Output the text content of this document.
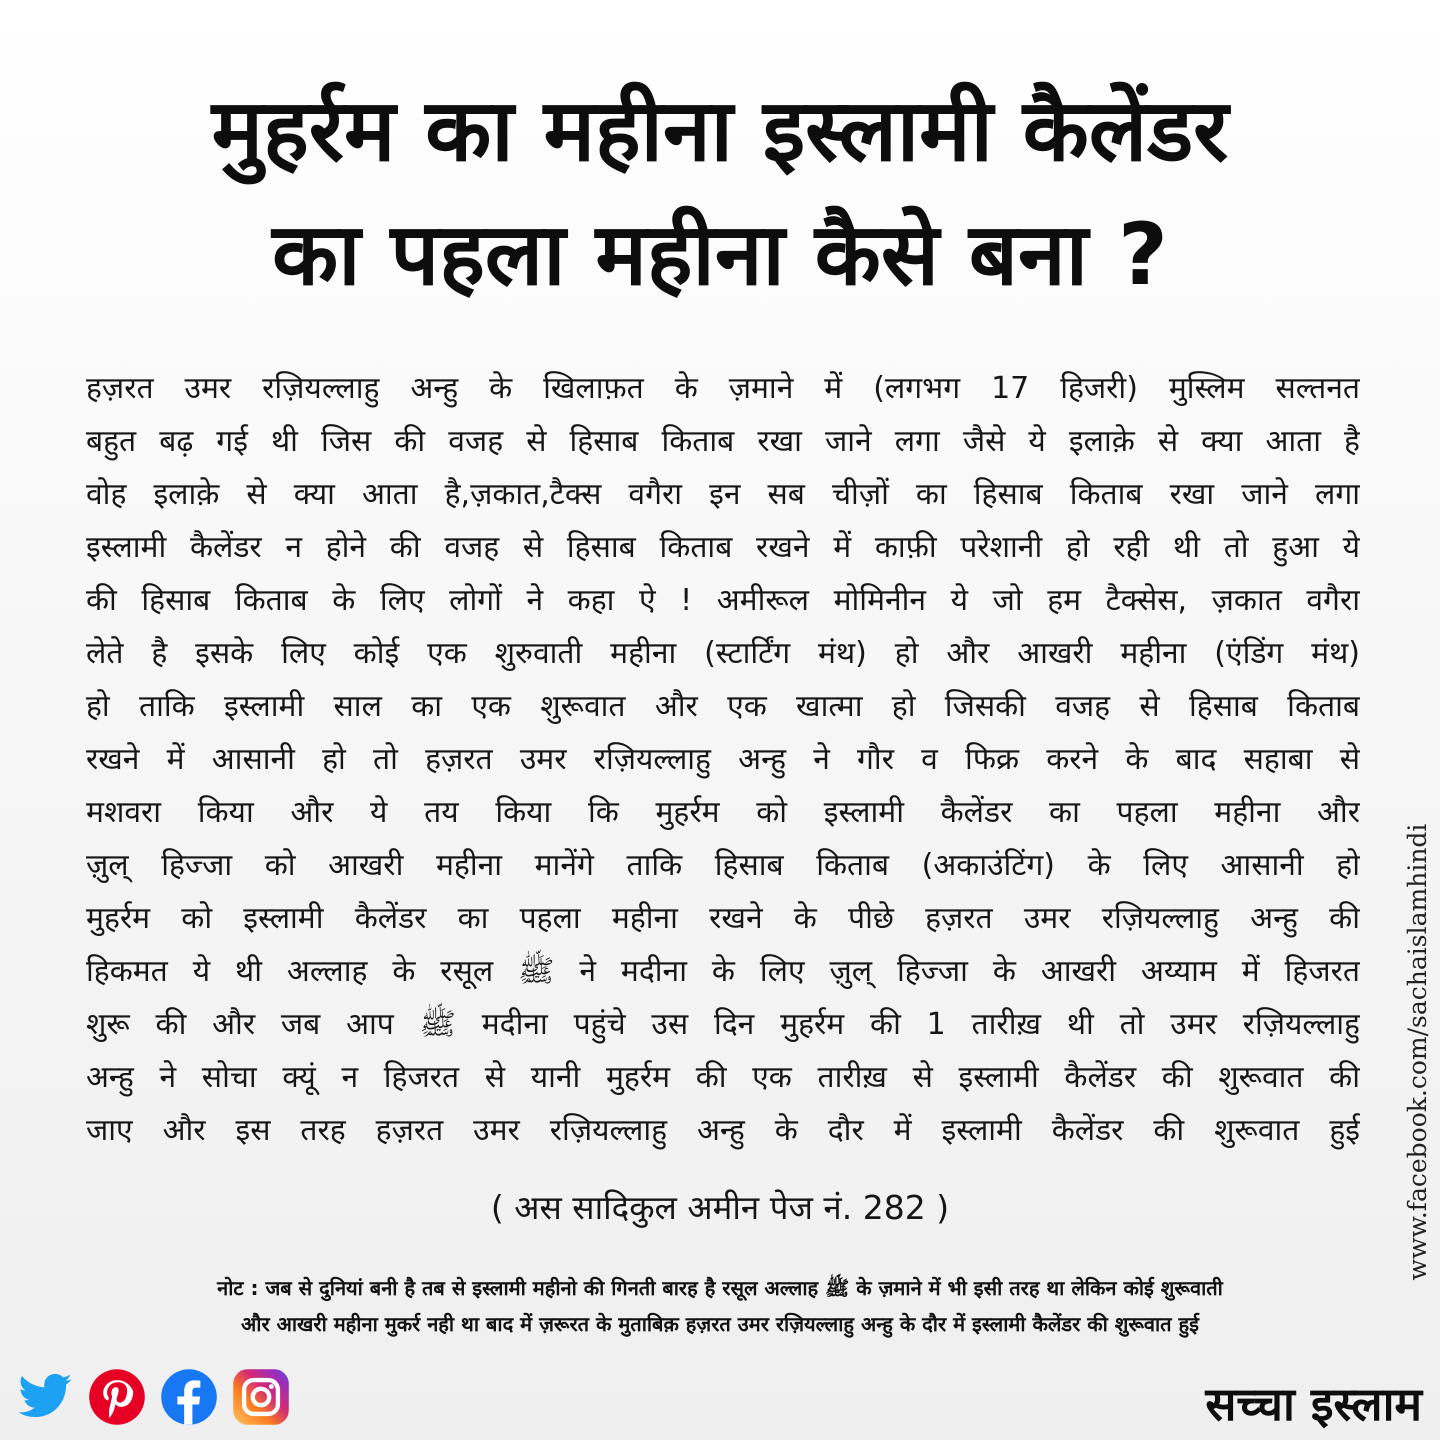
मुहर्रम का महीना इस्लामी कैलेंडर
का पहला महीना कैसे बना ?
हज़रत उमर रज़ियल्लाहु अन्हु के खिलाफ़त के ज़माने में (लगभग 17 हिजरी) मुस्लिम सल्तनत
बहुत बढ़ गई थी जिस की वजह से हिसाब किताब रखा जाने लगा जैसे ये इलाक़े से क्या आता है
वोह इलाक़े से क्या आता है,ज़कात,टैक्स वगैरा इन सब चीज़ों का हिसाब किताब रखा जाने लगा
इस्लामी कैलेंडर न होने की वजह से हिसाब किताब रखने में काफ़ी परेशानी हो रही थी तो हुआ ये
की हिसाब किताब के लिए लोगों ने कहा ऐ ! अमीरूल मोमिनीन ये जो हम टैक्सेस, ज़कात वगैरा
लेते है इसके लिए कोई एक शुरुवाती महीना (स्टार्टिंग मंथ) हो और आखरी महीना (एंडिंग मंथ)
हो ताकि इस्लामी साल का एक शुरूवात और एक खात्मा हो जिसकी वजह से हिसाब किताब
रखने में आसानी हो तो हज़रत उमर रज़ियल्लाहु अन्हु ने गौर व फिक्र करने के बाद सहाबा से
मशवरा किया और ये तय किया कि मुहर्रम को इस्लामी कैलेंडर का पहला महीना और
ज़ुल् हिज्जा को आखरी महीना मानेंगे ताकि हिसाब किताब (अकाउंटिंग) के लिए आसानी हो
मुहर्रम को इस्लामी कैलेंडर का पहला महीना रखने के पीछे हज़रत उमर रज़ियल्लाहु अन्हु की
हिकमत ये थी अल्लाह के रसूल ﷺ ने मदीना के लिए ज़ुल् हिज्जा के आखरी अय्याम में हिजरत
शुरू की और जब आप ﷺ मदीना पहुंचे उस दिन मुहर्रम की 1 तारीख़ थी तो उमर रज़ियल्लाहु
अन्हु ने सोचा क्यूं न हिजरत से यानी मुहर्रम की एक तारीख़ से इस्लामी कैलेंडर की शुरूवात की
जाए और इस तरह हज़रत उमर रज़ियल्लाहु अन्हु के दौर में इस्लामी कैलेंडर की शुरूवात हुई
( अस सादिकुल अमीन पेज नं. 282 )
नोट : जब से दुनियां बनी है तब से इस्लामी महीनो की गिनती बारह है रसूल अल्लाह ﷺ के ज़माने में भी इसी तरह था लेकिन कोई शुरूवाती
और आखरी महीना मुकर्र नही था बाद में ज़रूरत के मुताबिक़ हज़रत उमर रज़ियल्लाहु अन्हु के दौर में इस्लामी कैलेंडर की शुरूवात हुई
www.facebook.com/sachaislamhindi
सच्चा इस्लाम
